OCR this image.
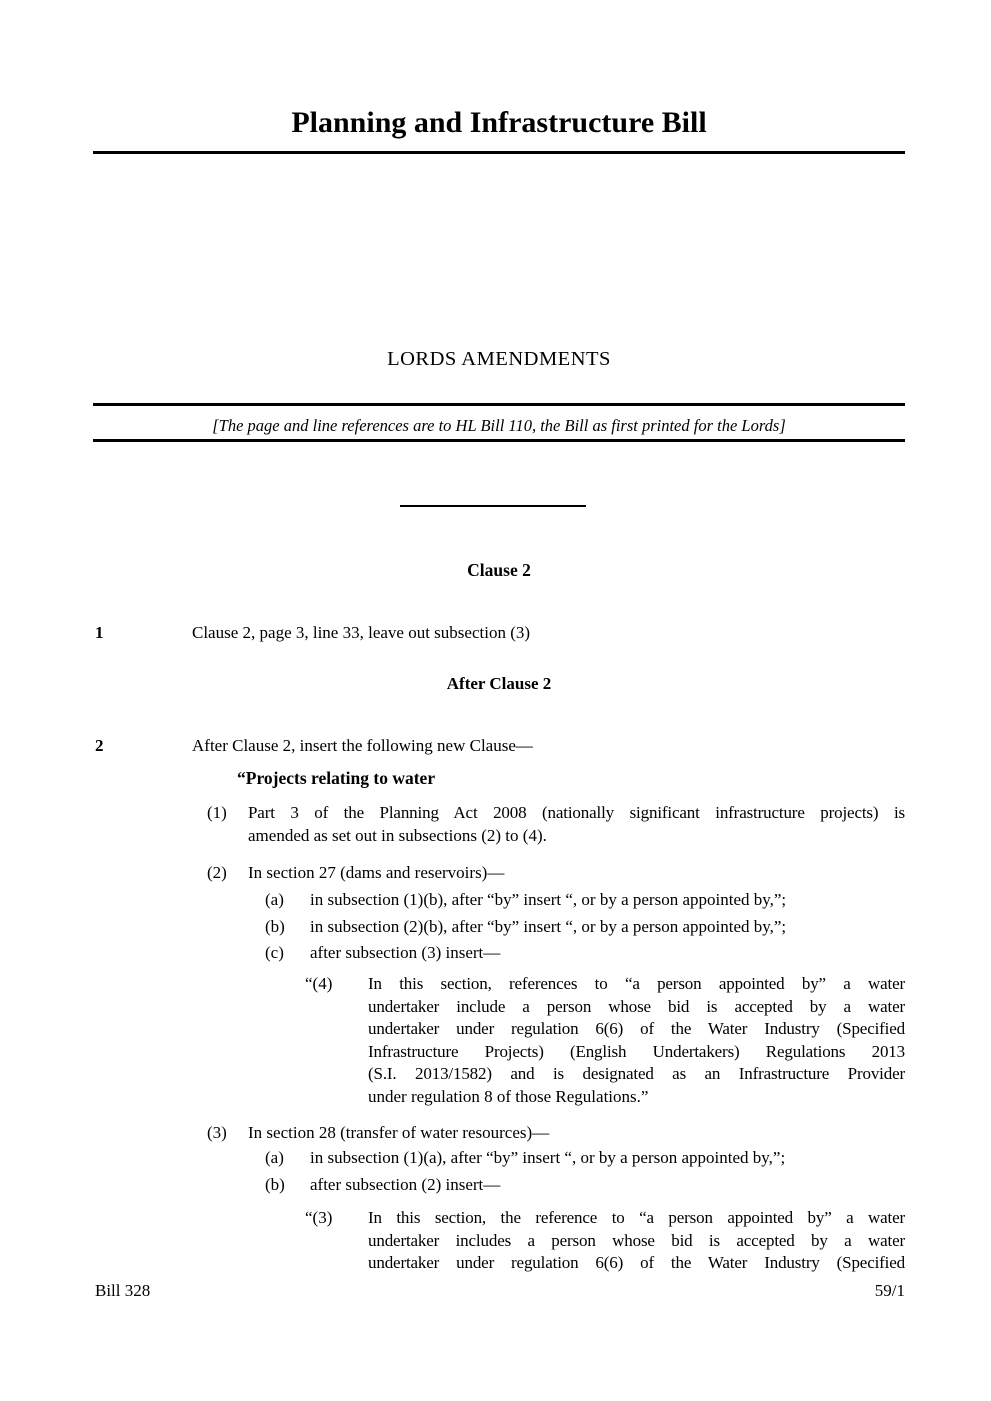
Planning and Infrastructure Bill
LORDS AMENDMENTS
[The page and line references are to HL Bill 110, the Bill as first printed for the Lords]
Clause 2
1	Clause 2, page 3, line 33, leave out subsection (3)
After Clause 2
2	After Clause 2, insert the following new Clause—
“Projects relating to water
(1)	Part 3 of the Planning Act 2008 (nationally significant infrastructure projects) is
amended as set out in subsections (2) to (4).
(2)	In section 27 (dams and reservoirs)—
(a)	in subsection (1)(b), after “by” insert “, or by a person appointed by,”;
(b)	in subsection (2)(b), after “by” insert “, or by a person appointed by,”;
(c)	after subsection (3) insert—
“(4)	In this section, references to “a person appointed by” a water
undertaker include a person whose bid is accepted by a water
undertaker under regulation 6(6) of the Water Industry (Specified
Infrastructure Projects) (English Undertakers) Regulations 2013
(S.I. 2013/1582) and is designated as an Infrastructure Provider
under regulation 8 of those Regulations.”
(3)	In section 28 (transfer of water resources)—
(a)	in subsection (1)(a), after “by” insert “, or by a person appointed by,”;
(b)	after subsection (2) insert—
“(3)	In this section, the reference to “a person appointed by” a water
undertaker includes a person whose bid is accepted by a water
undertaker under regulation 6(6) of the Water Industry (Specified
Bill 328	59/1
